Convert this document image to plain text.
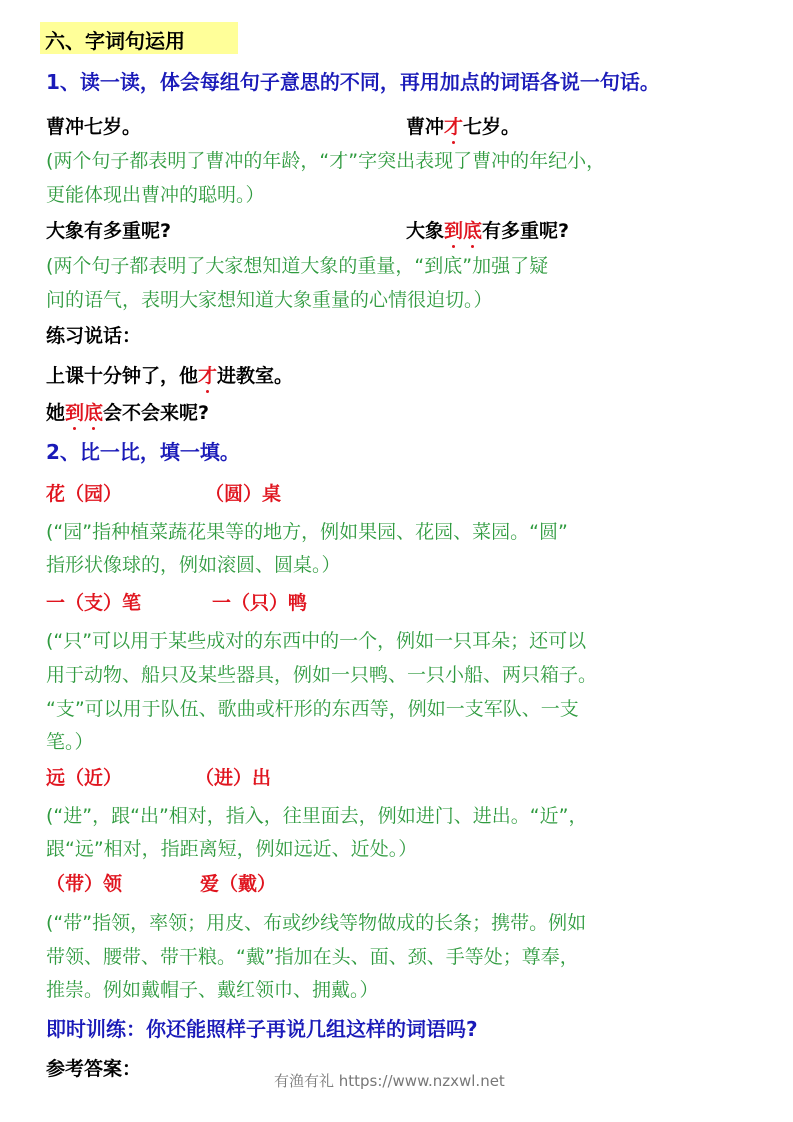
六、字词句运用
1、读一读，体会每组句子意思的不同，再用加点的词语各说一句话。
曹冲七岁。	曹冲才七岁。
(两个句子都表明了曹冲的年龄，“才”字突出表现了曹冲的年纪小，
更能体现出曹冲的聪明。）
大象有多重呢?	大象到底有多重呢?
(两个句子都表明了大家想知道大象的重量，“到底”加强了疑
问的语气，表明大家想知道大象重量的心情很迫切。）
练习说话：
上课十分钟了，他才进教室。
她到底会不会来呢?
2、比一比，填一填。
花（园）	（圆）桌
(“园”指种植菜蔬花果等的地方，例如果园、花园、菜园。“圆”
指形状像球的，例如滚圆、圆桌。）
一（支）笔	一（只）鸭
(“只”可以用于某些成对的东西中的一个，例如一只耳朵；还可以
用于动物、船只及某些器具，例如一只鸭、一只小船、两只箱子。
“支”可以用于队伍、歌曲或杆形的东西等，例如一支军队、一支
笔。）
远（近）	（进）出
(“进”，跟“出”相对，指入，往里面去，例如进门、进出。“近”，
跟“远”相对，指距离短，例如远近、近处。）
（带）领	爱（戴）
(“带”指领，率领；用皮、布或纱线等物做成的长条；携带。例如
带领、腰带、带干粮。“戴”指加在头、面、颈、手等处；尊奉，
推崇。例如戴帽子、戴红领巾、拥戴。）
即时训练：你还能照样子再说几组这样的词语吗?
参考答案：
有渔有礼 https://www.nzxwl.net
